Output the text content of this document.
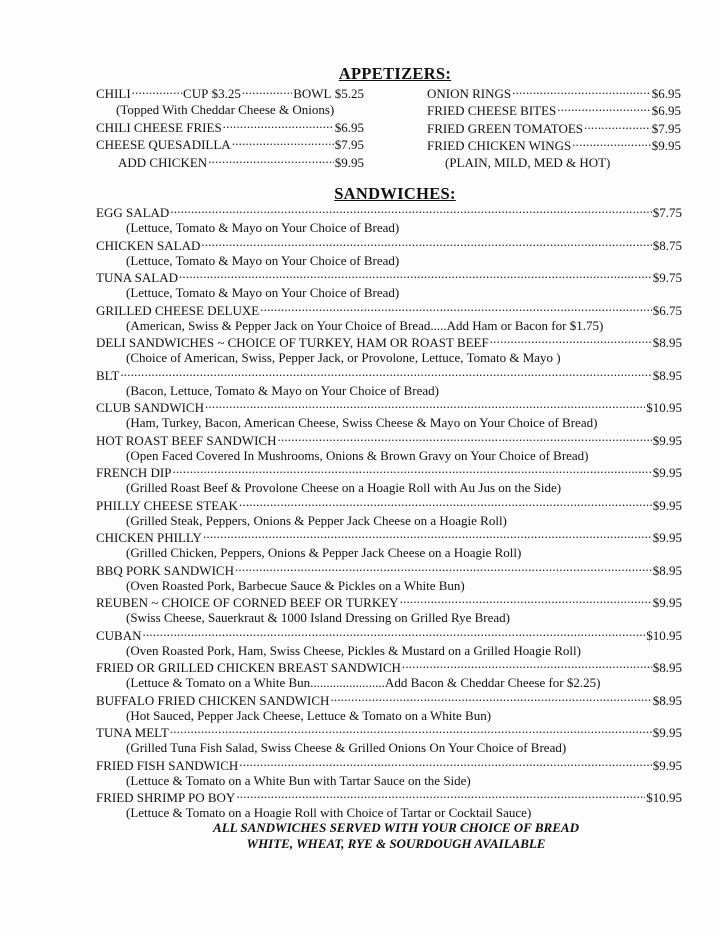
APPETIZERS:
CHILI .....	CUP $3.25 .....	BOWL $5.25
(Topped With Cheddar Cheese & Onions)
CHILI CHEESE FRIES .....	$6.95
CHEESE QUESADILLA .....	$7.95
ADD CHICKEN .....	$9.95
ONION RINGS .....	$6.95
FRIED CHEESE BITES .....	$6.95
FRIED GREEN TOMATOES .....	$7.95
FRIED CHICKEN WINGS .....	$9.95
(PLAIN, MILD, MED & HOT)
SANDWICHES:
EGG SALAD .....	$7.75
(Lettuce, Tomato & Mayo on Your Choice of Bread)
CHICKEN SALAD .....	$8.75
(Lettuce, Tomato & Mayo on Your Choice of Bread)
TUNA SALAD .....	$9.75
(Lettuce, Tomato & Mayo on Your Choice of Bread)
GRILLED CHEESE DELUXE .....	$6.75
(American, Swiss & Pepper Jack on Your Choice of Bread.....Add Ham or Bacon for $1.75)
DELI SANDWICHES ~ CHOICE OF TURKEY, HAM OR ROAST BEEF .....	$8.95
(Choice of American, Swiss, Pepper Jack, or Provolone, Lettuce, Tomato & Mayo )
BLT .....	$8.95
(Bacon, Lettuce, Tomato & Mayo on Your Choice of Bread)
CLUB SANDWICH .....	$10.95
(Ham, Turkey, Bacon, American Cheese, Swiss Cheese & Mayo on Your Choice of Bread)
HOT ROAST BEEF SANDWICH .....	$9.95
(Open Faced Covered In Mushrooms, Onions & Brown Gravy on Your Choice of Bread)
FRENCH DIP .....	$9.95
(Grilled Roast Beef & Provolone Cheese on a Hoagie Roll with Au Jus on the Side)
PHILLY CHEESE STEAK .....	$9.95
(Grilled Steak, Peppers, Onions & Pepper Jack Cheese on a Hoagie Roll)
CHICKEN PHILLY .....	$9.95
(Grilled Chicken, Peppers, Onions & Pepper Jack Cheese on a Hoagie Roll)
BBQ PORK SANDWICH .....	$8.95
(Oven Roasted Pork, Barbecue Sauce & Pickles on a White Bun)
REUBEN ~ CHOICE OF CORNED BEEF OR TURKEY .....	$9.95
(Swiss Cheese, Sauerkraut & 1000 Island Dressing on Grilled Rye Bread)
CUBAN .....	$10.95
(Oven Roasted Pork, Ham, Swiss Cheese, Pickles & Mustard on a Grilled Hoagie Roll)
FRIED OR GRILLED CHICKEN BREAST SANDWICH .....	$8.95
(Lettuce & Tomato on a White Bun.......................Add Bacon & Cheddar Cheese for $2.25)
BUFFALO FRIED CHICKEN SANDWICH .....	$8.95
(Hot Sauced, Pepper Jack Cheese, Lettuce & Tomato on a White Bun)
TUNA MELT .....	$9.95
(Grilled Tuna Fish Salad, Swiss Cheese & Grilled Onions On Your Choice of Bread)
FRIED FISH SANDWICH .....	$9.95
(Lettuce & Tomato on a White Bun with Tartar Sauce on the Side)
FRIED SHRIMP PO BOY .....	$10.95
(Lettuce & Tomato on a Hoagie Roll with Choice of Tartar or Cocktail Sauce)
ALL SANDWICHES SERVED WITH YOUR CHOICE OF BREAD
WHITE, WHEAT, RYE & SOURDOUGH AVAILABLE
